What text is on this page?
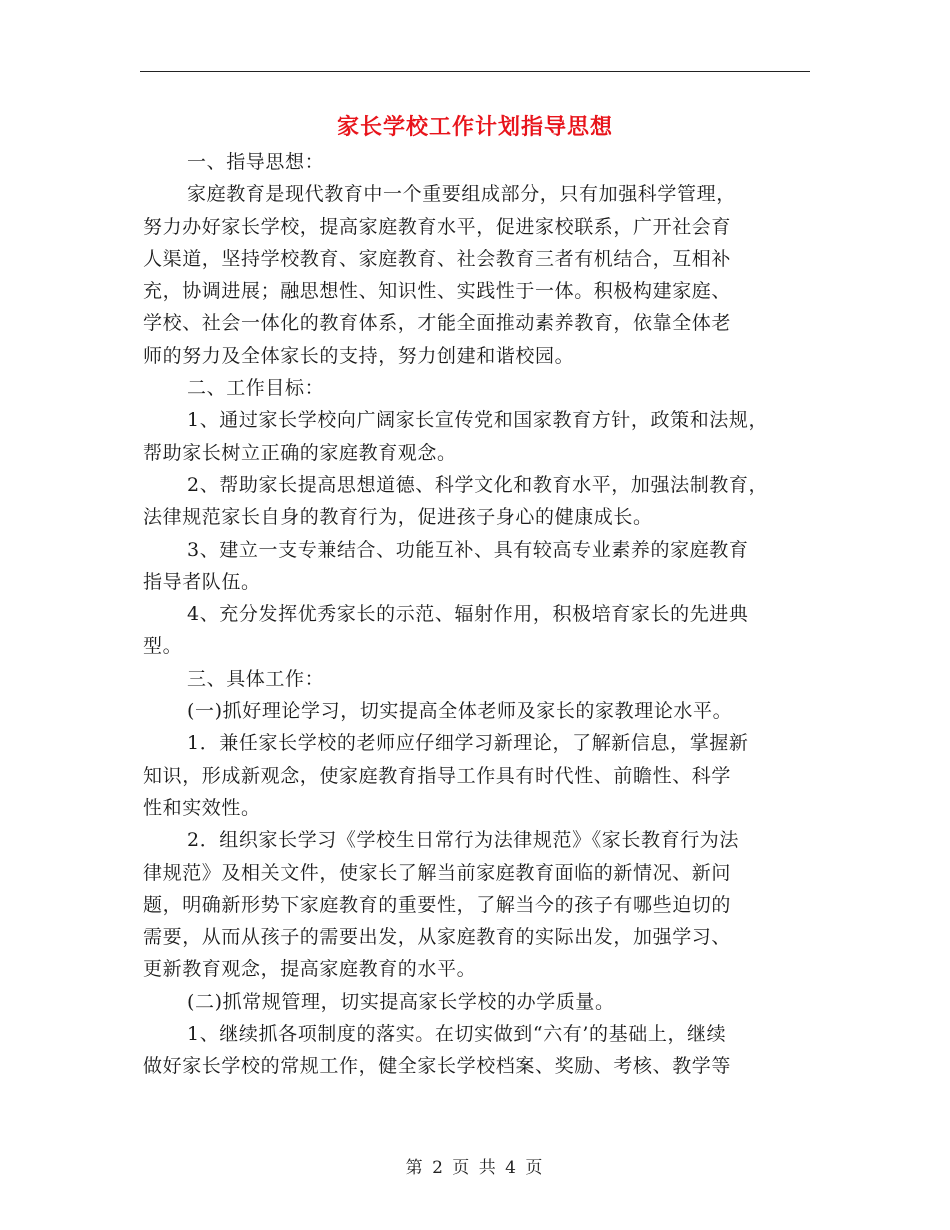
家长学校工作计划指导思想
一、指导思想：
家庭教育是现代教育中一个重要组成部分，只有加强科学管理，
努力办好家长学校，提高家庭教育水平，促进家校联系，广开社会育
人渠道，坚持学校教育、家庭教育、社会教育三者有机结合，互相补
充，协调进展；融思想性、知识性、实践性于一体。积极构建家庭、
学校、社会一体化的教育体系，才能全面推动素养教育，依靠全体老
师的努力及全体家长的支持，努力创建和谐校园。
二、工作目标：
1、通过家长学校向广阔家长宣传党和国家教育方针，政策和法规，
帮助家长树立正确的家庭教育观念。
2、帮助家长提高思想道德、科学文化和教育水平，加强法制教育，
法律规范家长自身的教育行为，促进孩子身心的健康成长。
3、建立一支专兼结合、功能互补、具有较高专业素养的家庭教育
指导者队伍。
4、充分发挥优秀家长的示范、辐射作用，积极培育家长的先进典
型。
三、具体工作：
(一)抓好理论学习，切实提高全体老师及家长的家教理论水平。
1．兼任家长学校的老师应仔细学习新理论，了解新信息，掌握新
知识，形成新观念，使家庭教育指导工作具有时代性、前瞻性、科学
性和实效性。
2．组织家长学习《学校生日常行为法律规范》《家长教育行为法
律规范》及相关文件，使家长了解当前家庭教育面临的新情况、新问
题，明确新形势下家庭教育的重要性，了解当今的孩子有哪些迫切的
需要，从而从孩子的需要出发，从家庭教育的实际出发，加强学习、
更新教育观念，提高家庭教育的水平。
(二)抓常规管理，切实提高家长学校的办学质量。
1、继续抓各项制度的落实。在切实做到“六有’的基础上，继续
做好家长学校的常规工作，健全家长学校档案、奖励、考核、教学等
第 2 页 共 4 页
